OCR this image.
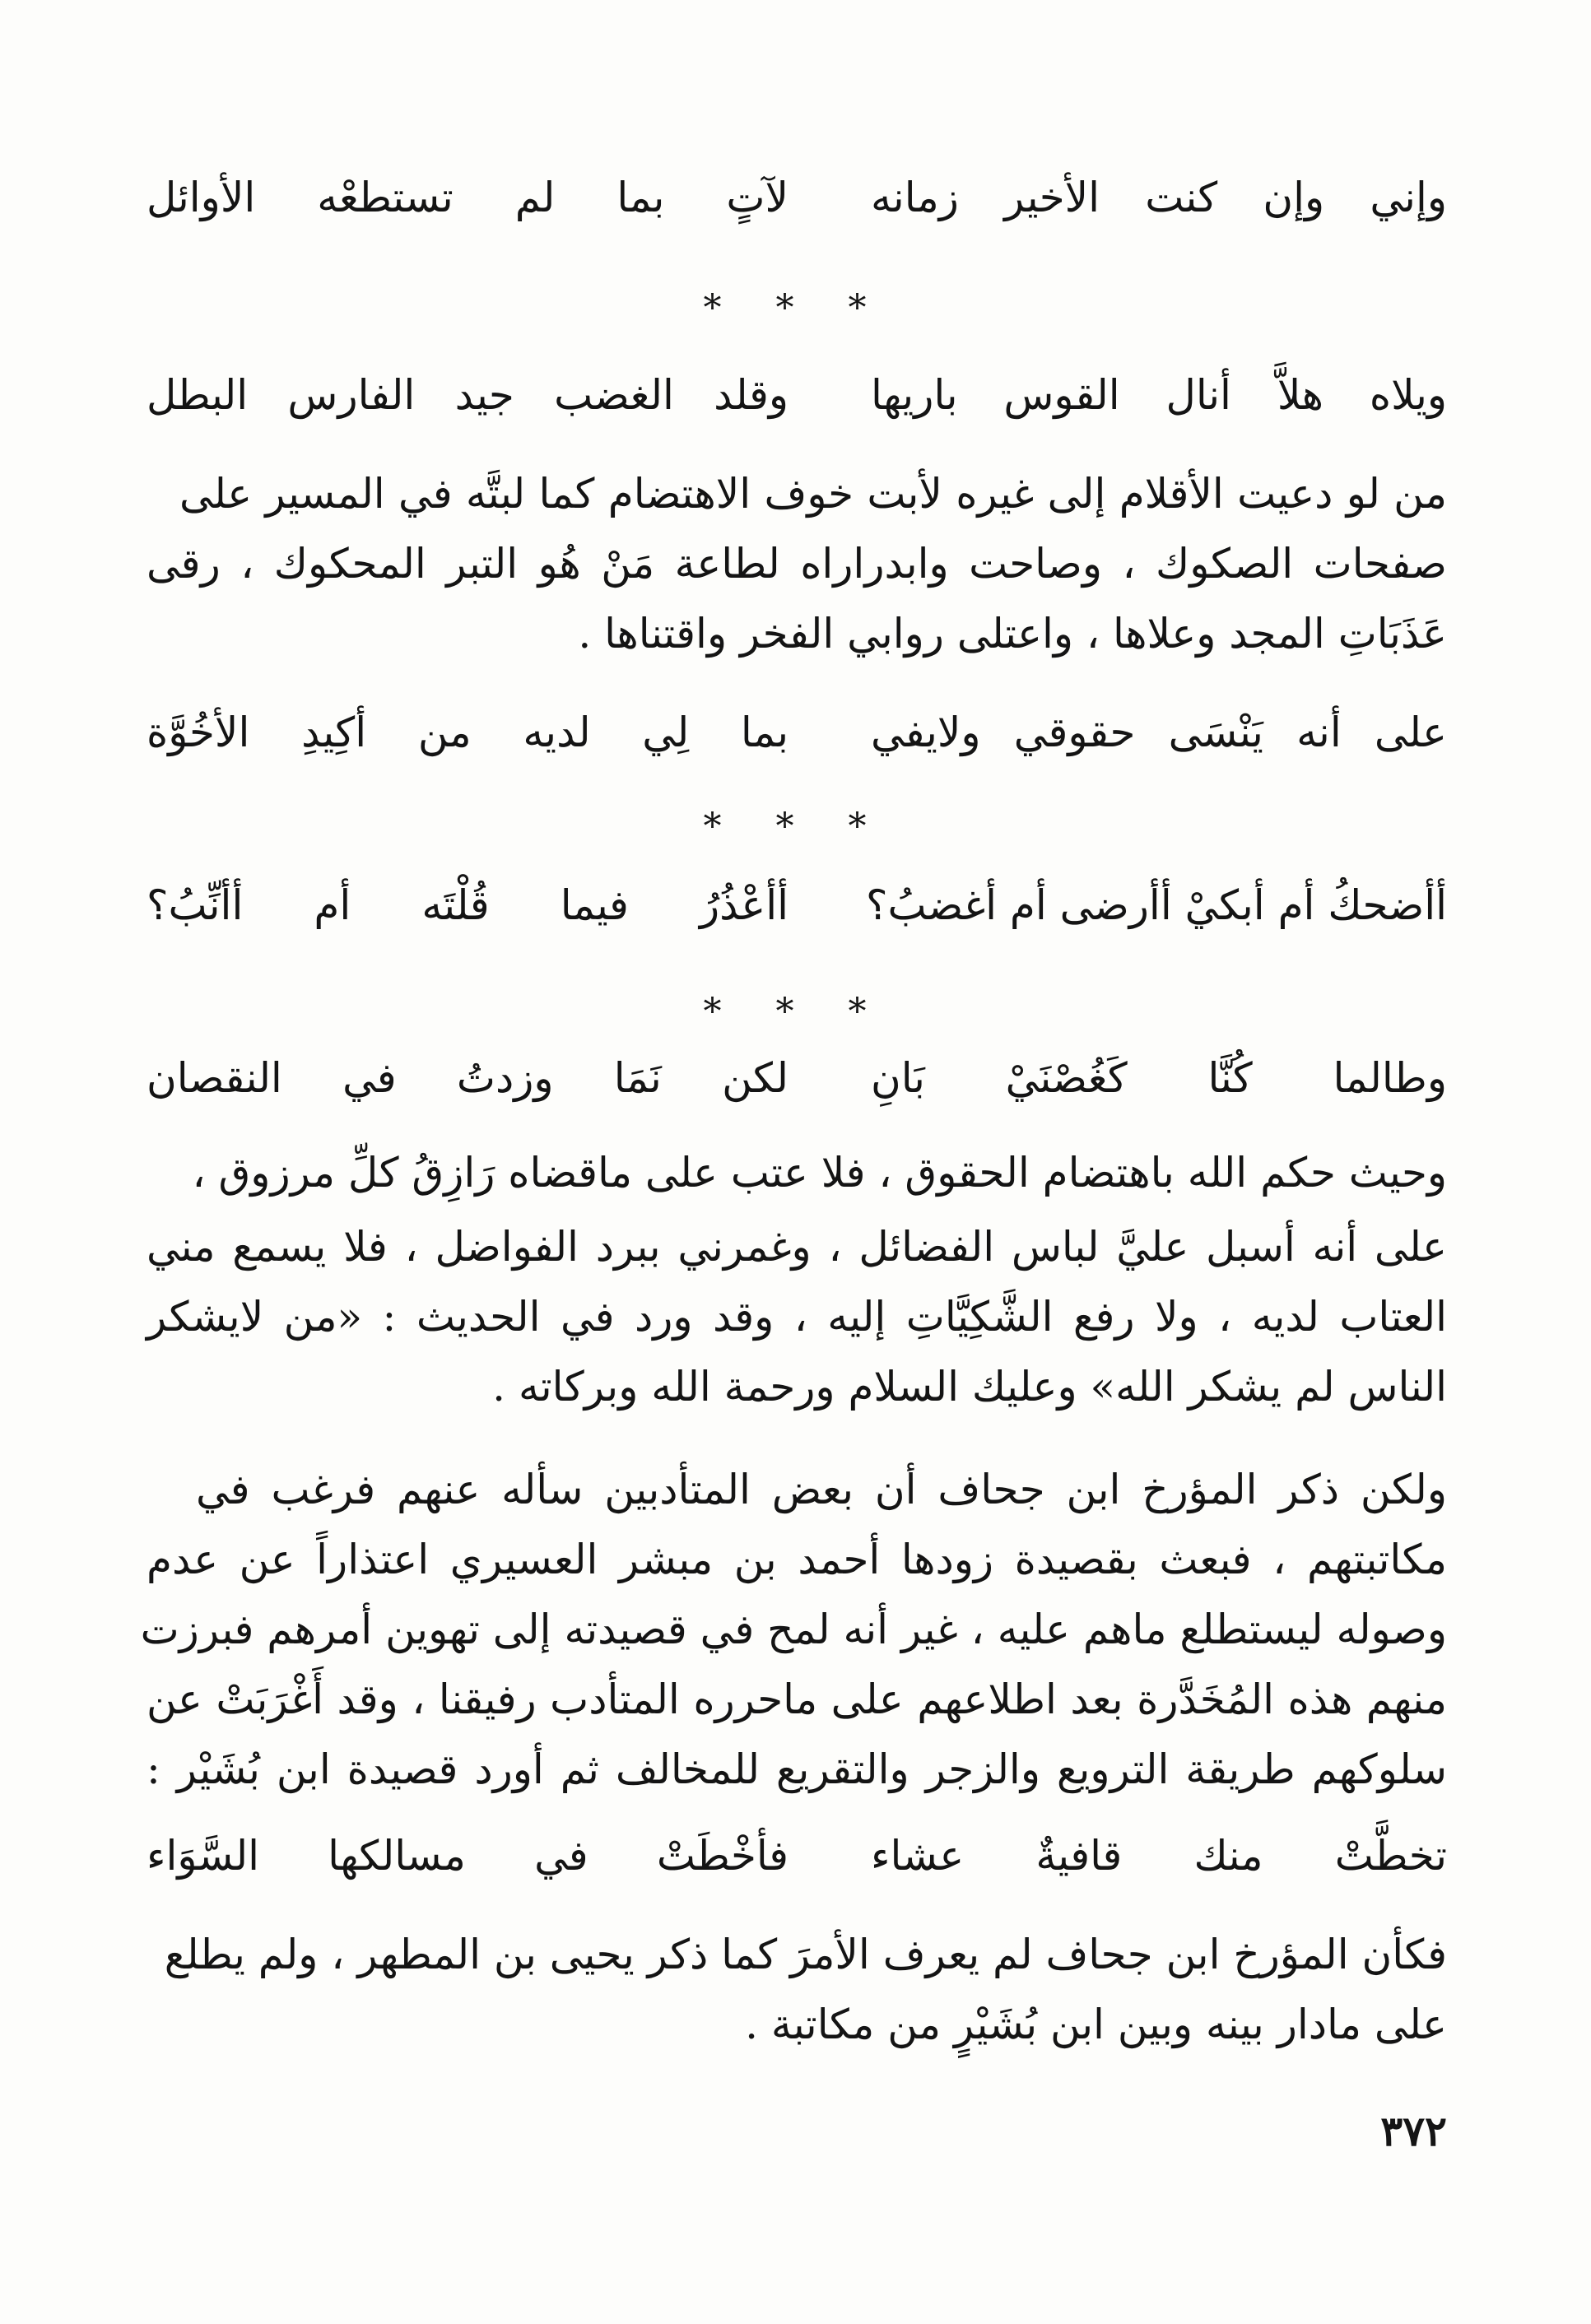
وإني وإن كنت الأخير زمانه
لآتٍ بما لم تستطعْه الأوائل
* * *
ويلاه هلاَّ أنال القوس باريها
وقلد الغضب جيد الفارس البطل
من لو دعيت الأقلام إلى غيره لأبت خوف الاهتضام كما لبتَّه في المسير على
صفحات الصكوك ، وصاحت وابدراراه لطاعة مَنْ هُو التبر المحكوك ، رقى
عَذَبَاتِ المجد وعلاها ، واعتلى روابي الفخر واقتناها .
على أنه يَنْسَى حقوقي ولايفي
بما لِي لديه من أكِيدِ الأخُوَّة
* * *
أأضحكُ أم أبكيْ أأرضى أم أغضبُ؟
أأعْذُرُ فيما قُلْتَه أم أأنِّبُ؟
* * *
وطالما كُنَّا كَغُصْنَيْ بَانِ
لكن نَمَا وزدتُ في النقصان
وحيث حكم الله باهتضام الحقوق ، فلا عتب على ماقضاه رَازِقُ كلِّ مرزوق ،
على أنه أسبل عليَّ لباس الفضائل ، وغمرني ببرد الفواضل ، فلا يسمع مني
العتاب لديه ، ولا رفع الشَّكِيَّاتِ إليه ، وقد ورد في الحديث : «من لايشكر
الناس لم يشكر الله» وعليك السلام ورحمة الله وبركاته .
ولكن ذكر المؤرخ ابن جحاف أن بعض المتأدبين سأله عنهم فرغب في
مكاتبتهم ، فبعث بقصيدة زودها أحمد بن مبشر العسيري اعتذاراً عن عدم
وصوله ليستطلع ماهم عليه ، غير أنه لمح في قصيدته إلى تهوين أمرهم فبرزت
منهم هذه المُخَدَّرة بعد اطلاعهم على ماحرره المتأدب رفيقنا ، وقد أَغْرَبَتْ عن
سلوكهم طريقة الترويع والزجر والتقريع للمخالف ثم أورد قصيدة ابن بُشَيْر :
تخطَّتْ منك قافيةٌ عشاء
فأخْطَتْ في مسالكها السَّوَاء
فكأن المؤرخ ابن جحاف لم يعرف الأمرَ كما ذكر يحيى بن المطهر ، ولم يطلع
على مادار بينه وبين ابن بُشَيْرٍ من مكاتبة .
٣٧٢
